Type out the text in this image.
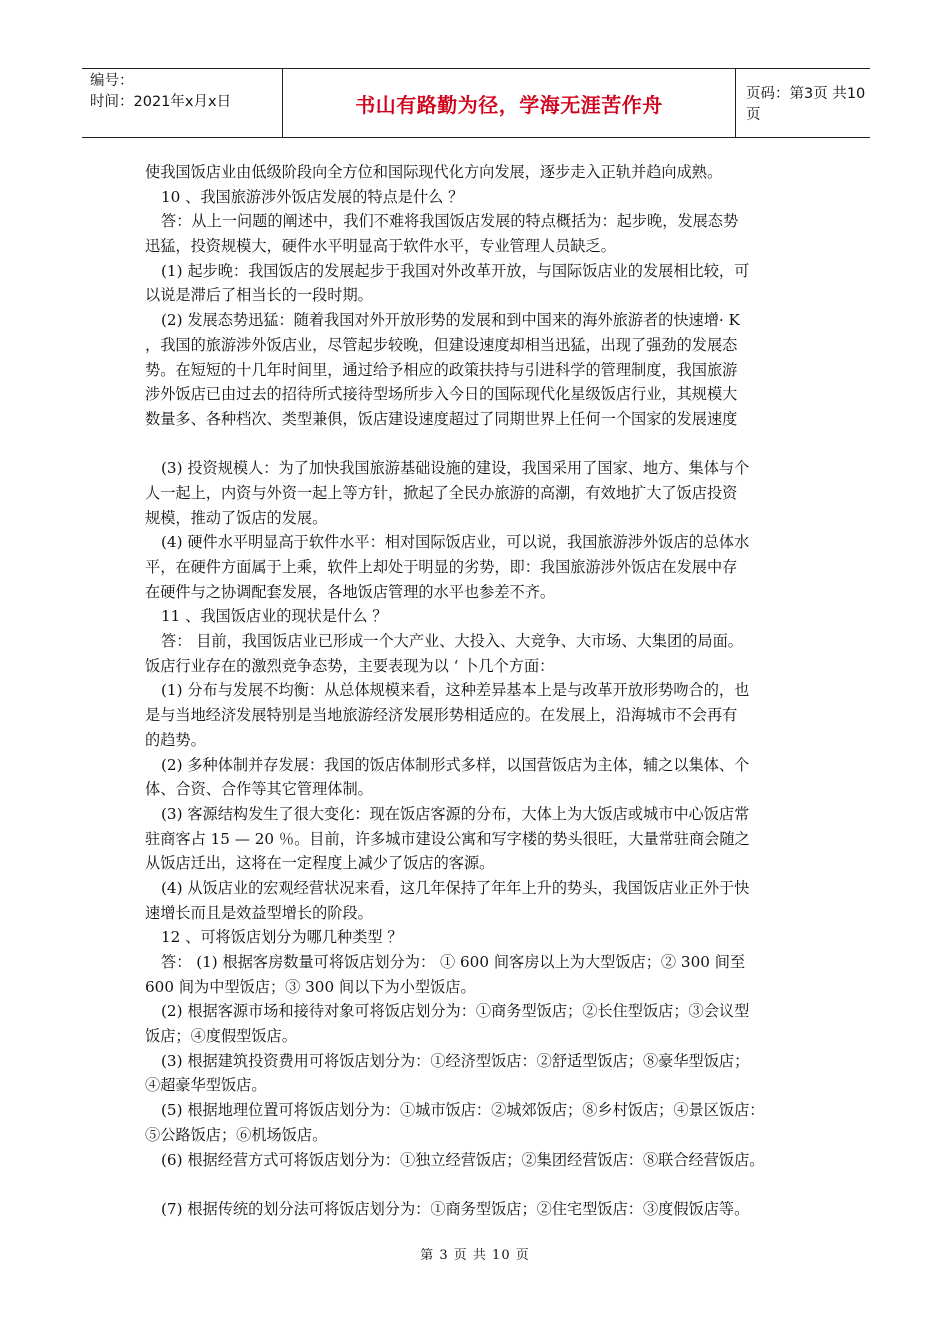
编号：
时间：2021年x月x日	书山有路勤为径，学海无涯苦作舟	页码：第3页 共10页
使我国饭店业由低级阶段向全方位和国际现代化方向发展，逐步走入正轨并趋向成熟。
10 、我国旅游涉外饭店发展的特点是什么 ？
答：从上一问题的阐述中，我们不难将我国饭店发展的特点概括为：起步晚，发展态势
迅猛，投资规模大，硬件水平明显高于软件水平，专业管理人员缺乏。
(1) 起步晚：我国饭店的发展起步于我国对外改革开放，与国际饭店业的发展相比较，可
以说是滞后了相当长的一段时期。
(2) 发展态势迅猛：随着我国对外开放形势的发展和到中国来的海外旅游者的快速增· K
，我国的旅游涉外饭店业，尽管起步较晚，但建设速度却相当迅猛，出现了强劲的发展态
势。在短短的十几年时间里，通过给予相应的政策扶持与引进科学的管理制度，我国旅游
涉外饭店已由过去的招待所式接待型场所步入今日的国际现代化星级饭店行业，其规模大
数量多、各种档次、类型兼俱，饭店建设速度超过了同期世界上任何一个国家的发展速度
(3) 投资规模人：为了加快我国旅游基础设施的建设，我国采用了国家、地方、集体与个
人一起上，内资与外资一起上等方针，掀起了全民办旅游的高潮，有效地扩大了饭店投资
规模，推动了饭店的发展。
(4) 硬件水平明显高于软件水平：相对国际饭店业，可以说，我国旅游涉外饭店的总体水
平，在硬件方面属于上乘，软件上却处于明显的劣势，即：我国旅游涉外饭店在发展中存
在硬件与之协调配套发展，各地饭店管理的水平也参差不齐。
11 、我国饭店业的现状是什么 ？
答： 目前，我国饭店业已形成一个大产业、大投入、大竞争、大市场、大集团的局面。
饭店行业存在的激烈竞争态势，主要表现为以 ‘ 卜几个方面：
(1) 分布与发展不均衡：从总体规模来看，这种差异基本上是与改革开放形势吻合的，也
是与当地经济发展特别是当地旅游经济发展形势相适应的。在发展上，沿海城市不会再有
的趋势。
(2) 多种体制并存发展：我国的饭店体制形式多样，以国营饭店为主体，辅之以集体、个
体、合资、合作等其它管理体制。
(3) 客源结构发生了很大变化：现在饭店客源的分布，大体上为大饭店或城市中心饭店常
驻商客占 15 — 20 ％。目前，许多城市建设公寓和写字楼的势头很旺，大量常驻商会随之
从饭店迁出，这将在一定程度上减少了饭店的客源。
(4) 从饭店业的宏观经营状况来看，这几年保持了年年上升的势头，我国饭店业正外于快
速增长而且是效益型增长的阶段。
12 、可将饭店划分为哪几种类型 ？
答： (1) 根据客房数量可将饭店划分为： ① 600 间客房以上为大型饭店；② 300 间至
600 间为中型饭店；③ 300 间以下为小型饭店。
(2) 根据客源市场和接待对象可将饭店划分为：①商务型饭店；②长住型饭店；③会议型
饭店；④度假型饭店。
(3) 根据建筑投资费用可将饭店划分为：①经济型饭店：②舒适型饭店；⑧豪华型饭店；
④超豪华型饭店。
(5) 根据地理位置可将饭店划分为：①城市饭店：②城郊饭店；⑧乡村饭店；④景区饭店：
⑤公路饭店；⑥机场饭店。
(6) 根据经营方式可将饭店划分为：①独立经营饭店；②集团经营饭店：⑧联合经营饭店。
(7) 根据传统的划分法可将饭店划分为：①商务型饭店；②住宅型饭店：③度假饭店等。
第 3 页 共 10 页
